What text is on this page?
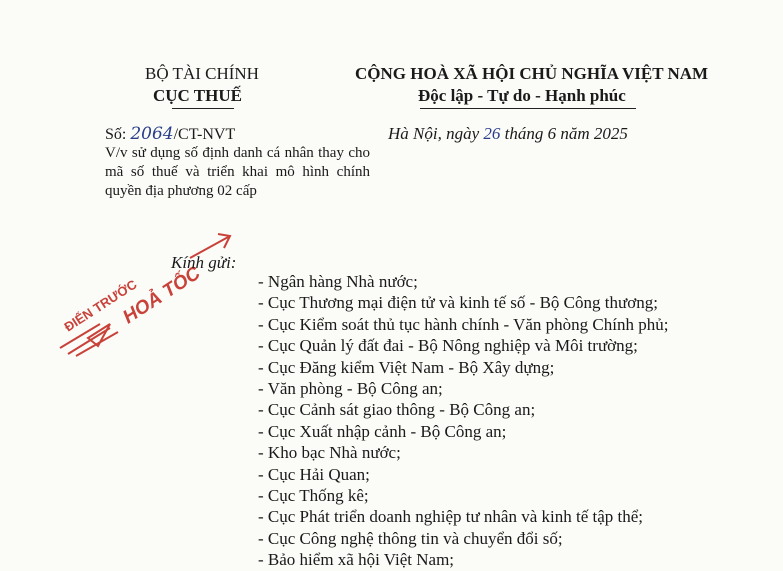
BỘ TÀI CHÍNH
CỤC THUẾ
CỘNG HOÀ XÃ HỘI CHỦ NGHĨA VIỆT NAM
Độc lập - Tự do - Hạnh phúc
Số: 2064/CT-NVT
V/v sử dụng số định danh cá nhân thay cho mã số thuế và triển khai mô hình chính quyền địa phương 02 cấp
Hà Nội, ngày 26 tháng 6 năm 2025
ĐIỂN TRƯỚC
HOẢ TỐC
Kính gửi:
- Ngân hàng Nhà nước;
- Cục Thương mại điện tử và kinh tế số - Bộ Công thương;
- Cục Kiểm soát thủ tục hành chính - Văn phòng Chính phủ;
- Cục Quản lý đất đai - Bộ Nông nghiệp và Môi trường;
- Cục Đăng kiểm Việt Nam - Bộ Xây dựng;
- Văn phòng - Bộ Công an;
- Cục Cảnh sát giao thông - Bộ Công an;
- Cục Xuất nhập cảnh - Bộ Công an;
- Kho bạc Nhà nước;
- Cục Hải Quan;
- Cục Thống kê;
- Cục Phát triển doanh nghiệp tư nhân và kinh tế tập thể;
- Cục Công nghệ thông tin và chuyển đổi số;
- Bảo hiểm xã hội Việt Nam;
